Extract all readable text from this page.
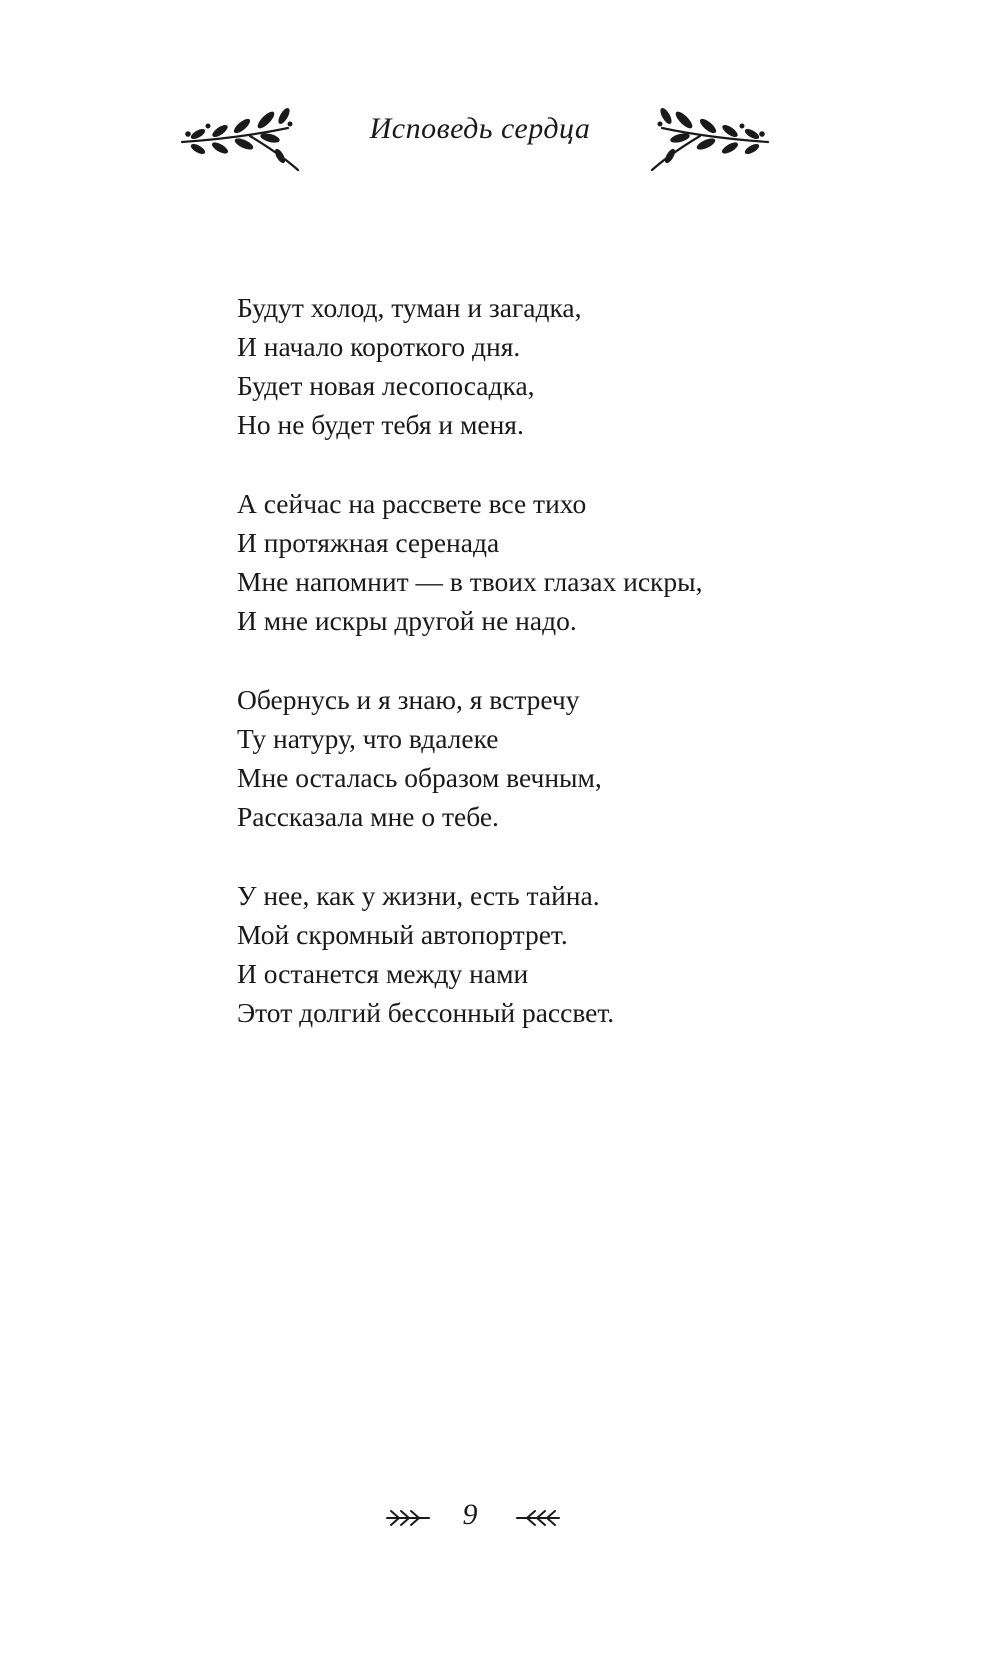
Исповедь сердца
Будут холод, туман и загадка,
И начало короткого дня.
Будет новая лесопосадка,
Но не будет тебя и меня.
А сейчас на рассвете все тихо
И протяжная серенада
Мне напомнит — в твоих глазах искры,
И мне искры другой не надо.
Обернусь и я знаю, я встречу
Ту натуру, что вдалеке
Мне осталась образом вечным,
Рассказала мне о тебе.
У нее, как у жизни, есть тайна.
Мой скромный автопортрет.
И останется между нами
Этот долгий бессонный рассвет.
9
